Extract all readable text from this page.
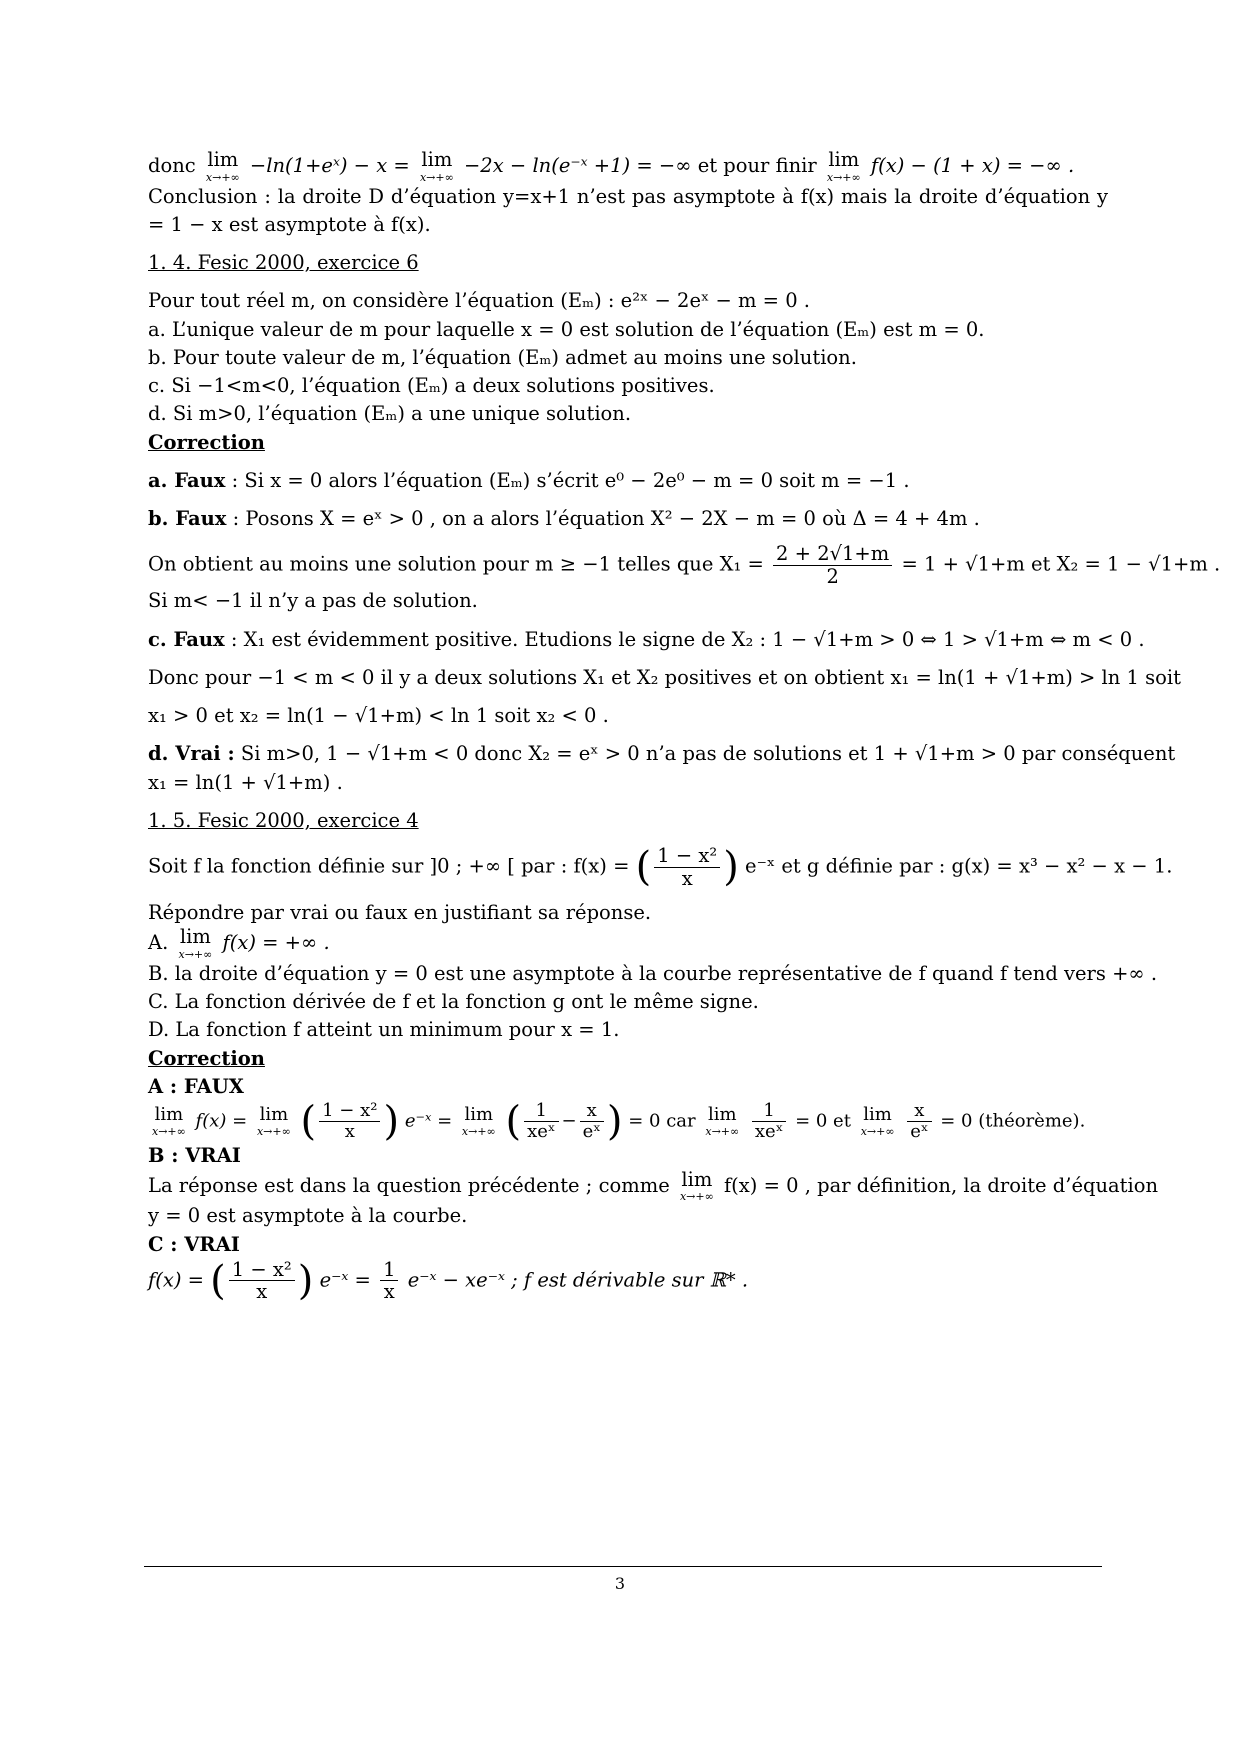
donc lim
x→+∞
−ln(1+eˣ) − x = lim
x→+∞
−2x − ln(e⁻ˣ +1) = −∞ et pour finir lim
x→+∞
f(x) − (1 + x) = −∞ .

Conclusion : la droite D d’équation y=x+1 n’est pas asymptote à f(x) mais la droite d’équation y = 1 − x est asymptote à f(x).

1. 4. Fesic 2000, exercice 6

Pour tout réel m, on considère l’équation (Eₘ) : e²ˣ − 2eˣ − m = 0 .

a. L’unique valeur de m pour laquelle x = 0 est solution de l’équation (Eₘ) est m = 0.

b. Pour toute valeur de m, l’équation (Eₘ) admet au moins une solution.

c. Si −1<m<0, l’équation (Eₘ) a deux solutions positives.

d. Si m>0, l’équation (Eₘ) a une unique solution.

Correction

a. Faux : Si x = 0 alors l’équation (Eₘ) s’écrit e⁰ − 2e⁰ − m = 0 soit m = −1 .

b. Faux : Posons X = eˣ > 0 , on a alors l’équation X² − 2X − m = 0 où Δ = 4 + 4m .

On obtient au moins une solution pour m ≥ −1 telles que $X_1 = \frac{2 + 2√1+m}{2} = 1 + √1+m$ et X₂ = 1 − √1+m .

Si m< −1 il n’y a pas de solution.

c. Faux : X₁ est évidemment positive. Etudions le signe de X₂ : 1 − √1+m > 0 ⇔ 1 > √1+m ⇔ m < 0 .

Donc pour −1 < m < 0 il y a deux solutions X₁ et X₂ positives et on obtient x₁ = ln(1 + √1+m) > ln 1 soit

x₁ > 0 et x₂ = ln(1 − √1+m) < ln 1 soit x₂ < 0 .

d. Vrai : Si m>0, 1 − √1+m < 0 donc X₂ = eˣ > 0 n’a pas de solutions et 1 + √1+m > 0 par conséquent

x₁ = ln(1 + √1+m) .

1. 5. Fesic 2000, exercice 4

Soit f la fonction définie sur ]0 ; +∞ [ par : f(x) = ( $\frac{\text{1 − x²}}{x}$ ) e⁻ˣ et g définie par : g(x) = x³ − x² − x − 1.

Répondre par vrai ou faux en justifiant sa réponse.

A. lim
x→+∞
f(x) = +∞ .

B. la droite d’équation y = 0 est une asymptote à la courbe représentative de f quand f tend vers +∞ .

C. La fonction dérivée de f et la fonction g ont le même signe.

D. La fonction f atteint un minimum pour x = 1.

Correction

A : FAUX

lim
x→+∞ f(x) = lim
x→+∞ ( $\frac{\text{1 − x²}}{x}$ ) e⁻ˣ = lim
x→+∞ ( $\frac{1}{\text{xeˣ}} - \frac{x}{\text{eˣ}}$ ) = 0 car lim
x→+∞
$\frac{1}{\text{xeˣ}} = 0$ et lim
x→+∞
$\frac{x}{\text{eˣ}} = 0$ (théorème).

B : VRAI

La réponse est dans la question précédente ; comme lim
x→+∞
f(x) = 0 , par définition, la droite d’équation

y = 0 est asymptote à la courbe.

C : VRAI

f(x) = ( $\frac{\text{1 − x²}}{x}$ ) e⁻ˣ = $\frac{1}{x}$ e⁻ˣ − xe⁻ˣ ; f est dérivable sur ℝ* .

3
